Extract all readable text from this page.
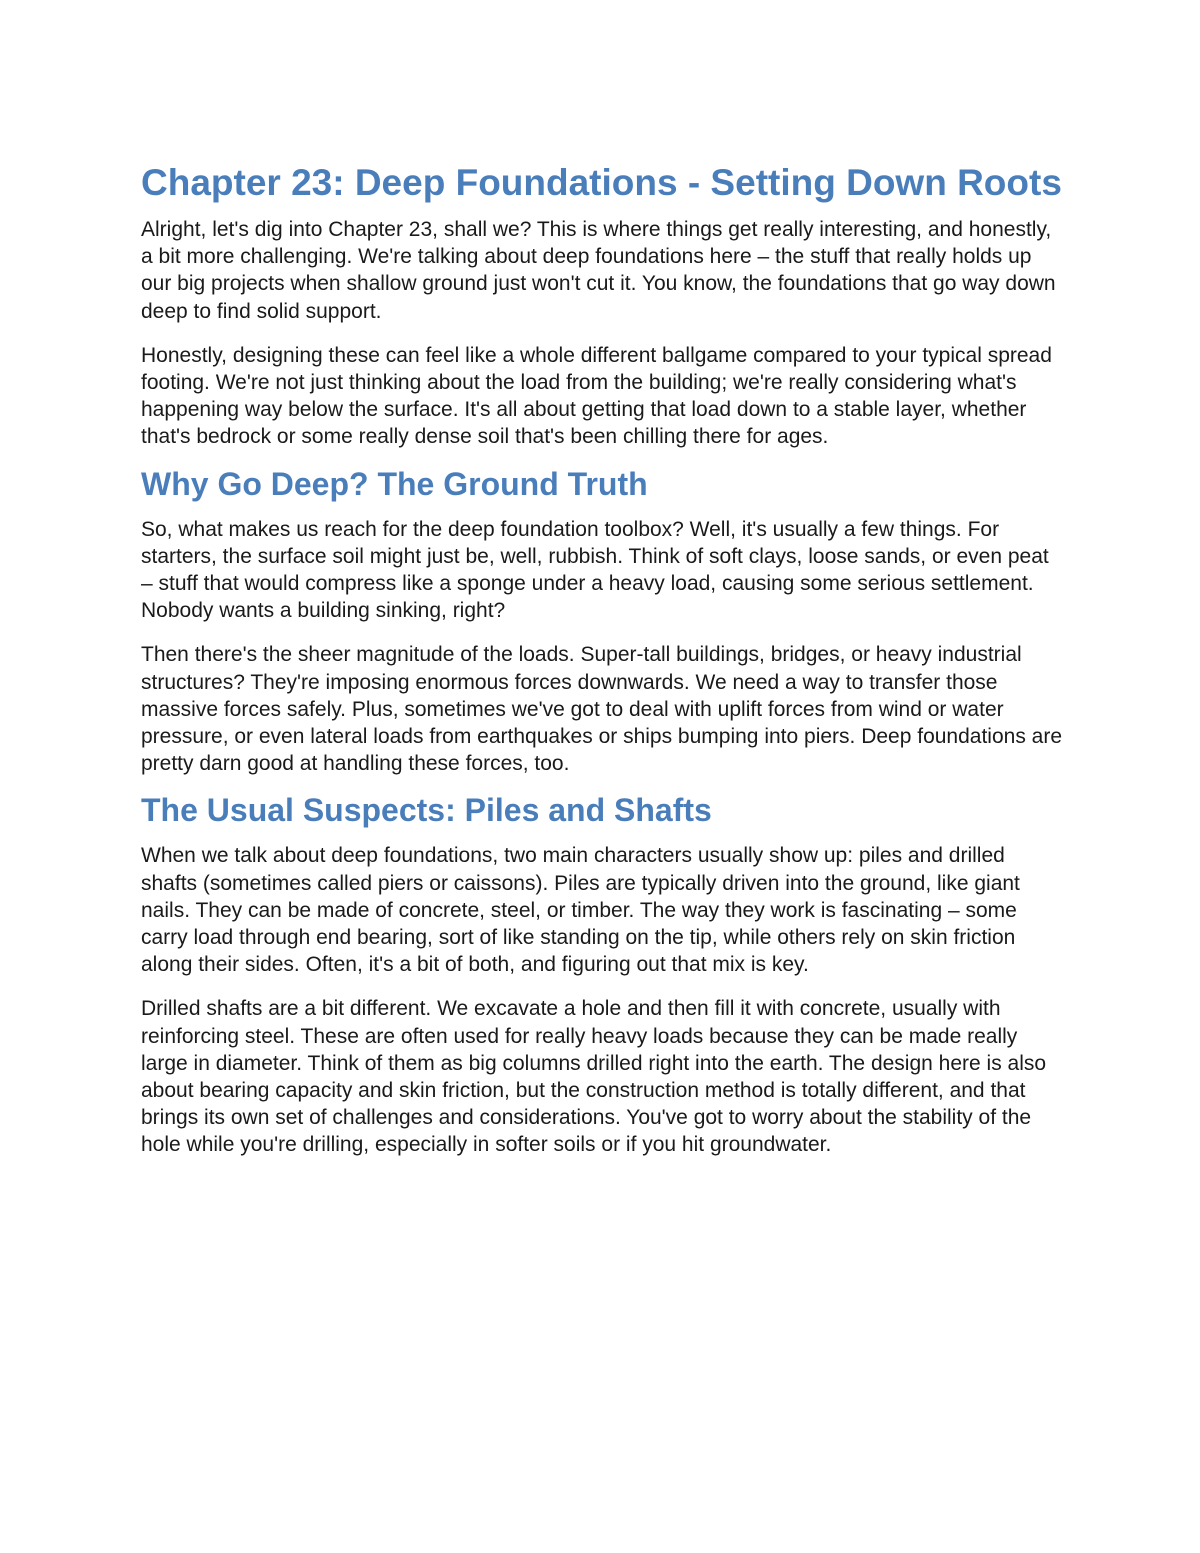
Chapter 23: Deep Foundations - Setting Down Roots

Alright, let's dig into Chapter 23, shall we? This is where things get really interesting, and honestly, a bit more challenging. We're talking about deep foundations here – the stuff that really holds up our big projects when shallow ground just won't cut it. You know, the foundations that go way down deep to find solid support.

Honestly, designing these can feel like a whole different ballgame compared to your typical spread footing. We're not just thinking about the load from the building; we're really considering what's happening way below the surface. It's all about getting that load down to a stable layer, whether that's bedrock or some really dense soil that's been chilling there for ages.

Why Go Deep? The Ground Truth

So, what makes us reach for the deep foundation toolbox? Well, it's usually a few things. For starters, the surface soil might just be, well, rubbish. Think of soft clays, loose sands, or even peat – stuff that would compress like a sponge under a heavy load, causing some serious settlement. Nobody wants a building sinking, right?

Then there's the sheer magnitude of the loads. Super-tall buildings, bridges, or heavy industrial structures? They're imposing enormous forces downwards. We need a way to transfer those massive forces safely. Plus, sometimes we've got to deal with uplift forces from wind or water pressure, or even lateral loads from earthquakes or ships bumping into piers. Deep foundations are pretty darn good at handling these forces, too.

The Usual Suspects: Piles and Shafts

When we talk about deep foundations, two main characters usually show up: piles and drilled shafts (sometimes called piers or caissons). Piles are typically driven into the ground, like giant nails. They can be made of concrete, steel, or timber. The way they work is fascinating – some carry load through end bearing, sort of like standing on the tip, while others rely on skin friction along their sides. Often, it's a bit of both, and figuring out that mix is key.

Drilled shafts are a bit different. We excavate a hole and then fill it with concrete, usually with reinforcing steel. These are often used for really heavy loads because they can be made really large in diameter. Think of them as big columns drilled right into the earth. The design here is also about bearing capacity and skin friction, but the construction method is totally different, and that brings its own set of challenges and considerations. You've got to worry about the stability of the hole while you're drilling, especially in softer soils or if you hit groundwater.
